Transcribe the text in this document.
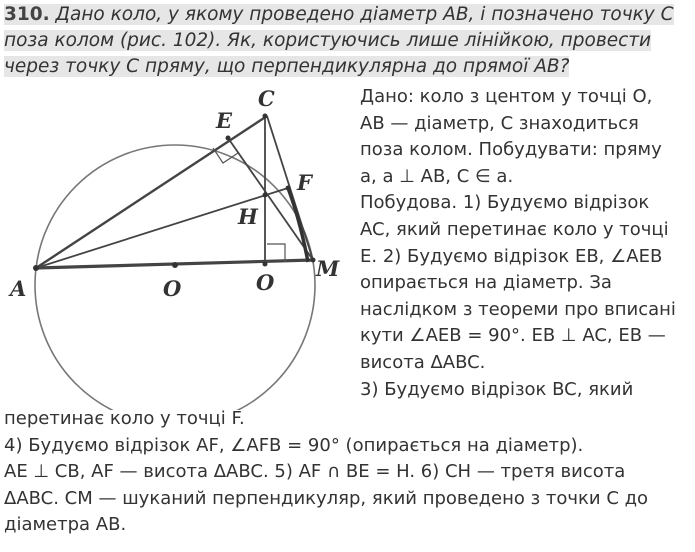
310. Дано коло, у якому проведено діаметр AB, і позначено точку C
поза колом (рис. 102). Як, користуючись лише лінійкою, провести
через точку C пряму, що перпендикулярна до прямої AB?
A	O	O
M
C
E
F
H
Дано: коло з центом у точці O,
AB — діаметр, C знаходиться
поза колом. Побудувати: пряму
a, a ⊥ AB, C ∈ a.
Побудова. 1) Будуємо відрізок
AC, який перетинає коло у точці
E. 2) Будуємо відрізок EB, ∠AEB
опирається на діаметр. За
наслідком з теореми про вписані
кути ∠AEB = 90°. EB ⊥ AC, EB —
висота ΔABC.
3) Будуємо відрізок BC, який
перетинає коло у точці F.
4) Будуємо відрізок AF, ∠AFB = 90° (опирається на діаметр).
AE ⊥ CB, AF — висота ΔABC. 5) AF ∩ BE = H. 6) CH — третя висота
ΔABC. CM — шуканий перпендикуляр, який проведено з точки C до
діаметра AB.
